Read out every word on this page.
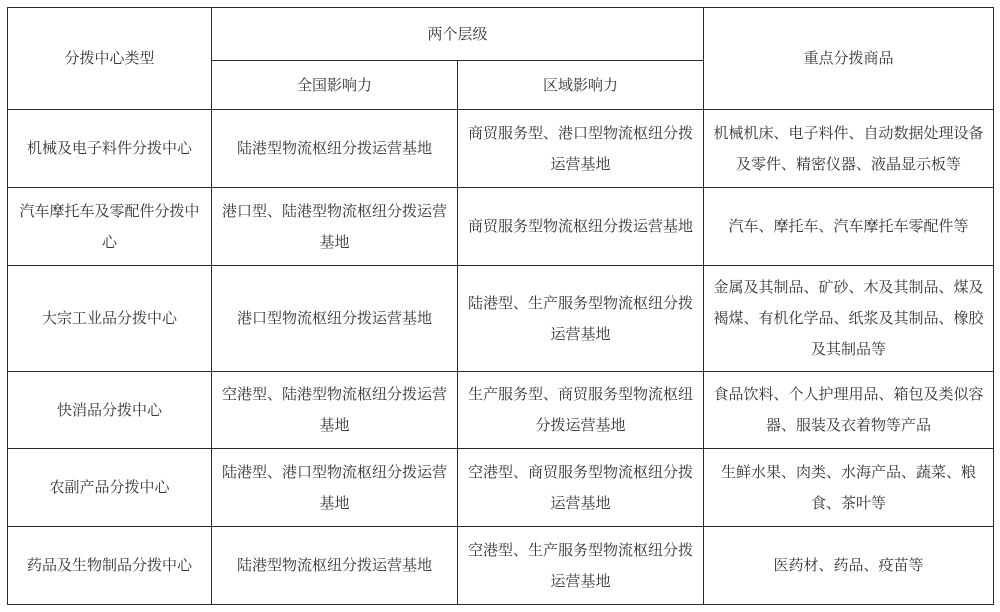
分拨中心类型	两个层级		重点分拨商品
	全国影响力	区域影响力	
机械及电子料件分拨中心	陆港型物流枢纽分拨运营基地	商贸服务型、港口型物流枢纽分拨运营基地	机械机床、电子料件、自动数据处理设备及零件、精密仪器、液晶显示板等
汽车摩托车及零配件分拨中心	港口型、陆港型物流枢纽分拨运营基地	商贸服务型物流枢纽分拨运营基地	汽车、摩托车、汽车摩托车零配件等
大宗工业品分拨中心	港口型物流枢纽分拨运营基地	陆港型、生产服务型物流枢纽分拨运营基地	金属及其制品、矿砂、木及其制品、煤及褐煤、有机化学品、纸浆及其制品、橡胶及其制品等
快消品分拨中心	空港型、陆港型物流枢纽分拨运营基地	生产服务型、商贸服务型物流枢纽分拨运营基地	食品饮料、个人护理用品、箱包及类似容器、服装及衣着物等产品
农副产品分拨中心	陆港型、港口型物流枢纽分拨运营基地	空港型、商贸服务型物流枢纽分拨运营基地	生鲜水果、肉类、水海产品、蔬菜、粮食、茶叶等
药品及生物制品分拨中心	陆港型物流枢纽分拨运营基地	空港型、生产服务型物流枢纽分拨运营基地	医药材、药品、疫苗等
